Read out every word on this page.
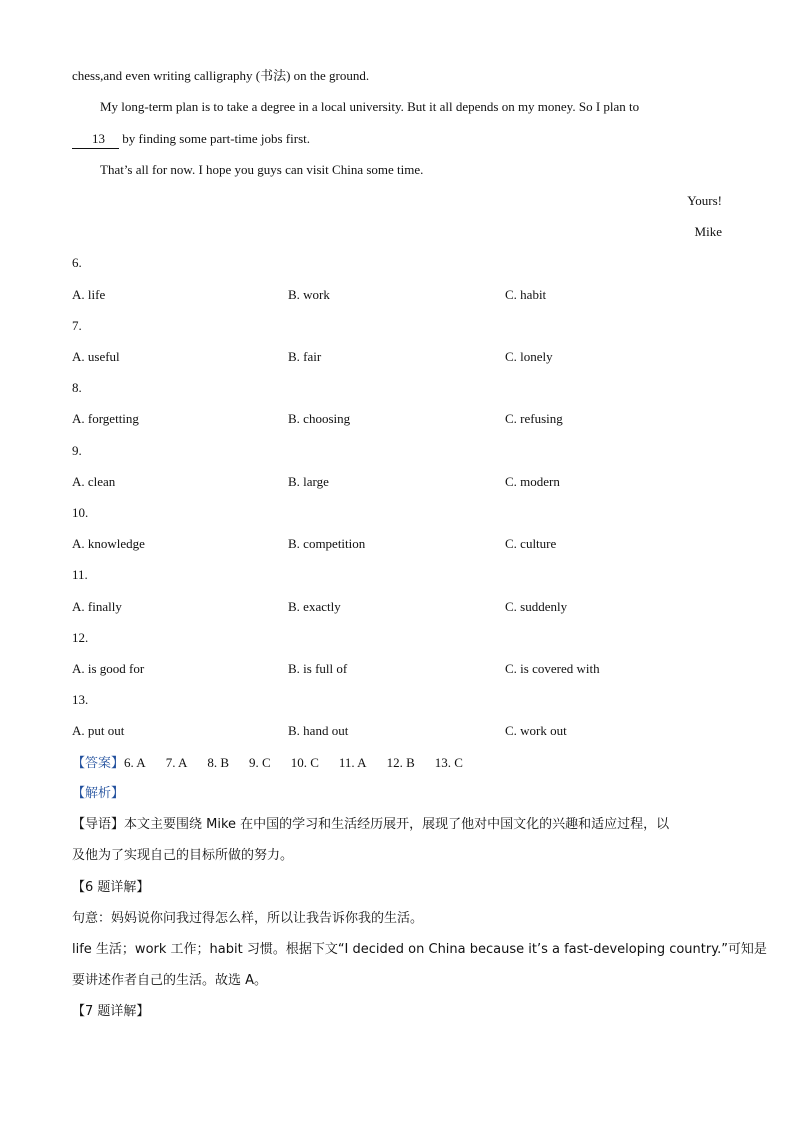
chess,and even writing calligraphy (书法) on the ground.
My long-term plan is to take a degree in a local university. But it all depends on my money. So I plan to
13 by finding some part-time jobs first.
That’s all for now. I hope you guys can visit China some time.
Yours!
Mike
6.
A. life	B. work	C. habit
7.
A. useful	B. fair	C. lonely
8.
A. forgetting	B. choosing	C. refusing
9.
A. clean	B. large	C. modern
10.
A. knowledge	B. competition	C. culture
11.
A. finally	B. exactly	C. suddenly
12.
A. is good for	B. is full of	C. is covered with
13.
A. put out	B. hand out	C. work out
【答案】6. A 7. A 8. B 9. C 10. C 11. A 12. B 13. C
【解析】
【导语】本文主要围绕 Mike 在中国的学习和生活经历展开，展现了他对中国文化的兴趣和适应过程，以
及他为了实现自己的目标所做的努力。
【6 题详解】
句意：妈妈说你问我过得怎么样，所以让我告诉你我的生活。
life 生活；work 工作；habit 习惯。根据下文“I decided on China because it’s a fast-developing country.”可知是
要讲述作者自己的生活。故选 A。
【7 题详解】
